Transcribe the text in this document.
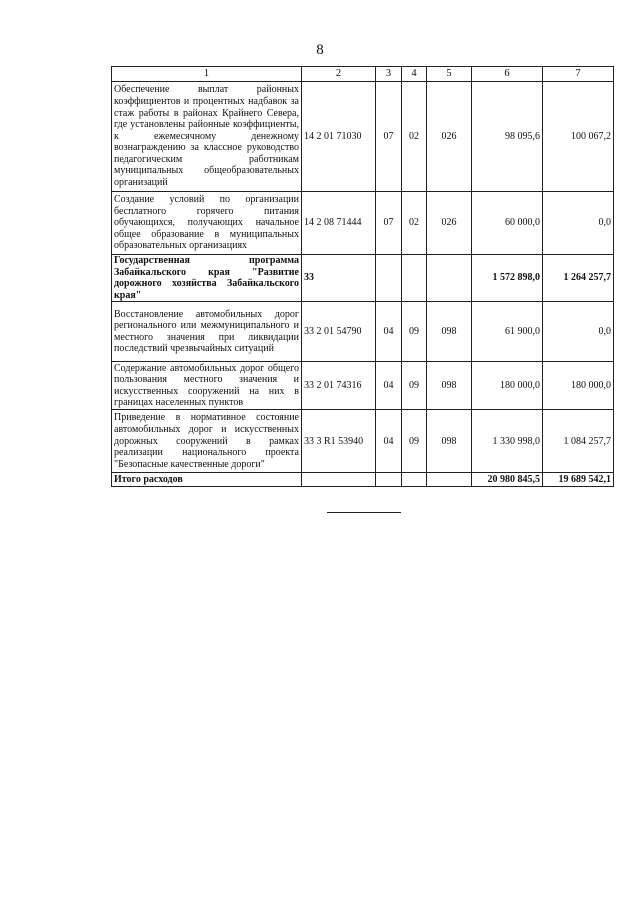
8
1	2	3	4	5	6	7
Обеспечение выплат районных коэффициентов и процентных надбавок за стаж работы в районах Крайнего Севера, где установлены районные коэффициенты, к ежемесячному денежному вознаграждению за классное руководство педагогическим работникам муниципальных общеобразовательных организаций	14 2 01 71030	07	02	026	98 095,6	100 067,2
Создание условий по организации бесплатного горячего питания обучающихся, получающих начальное общее образование в муниципальных образовательных организациях	14 2 08 71444	07	02	026	60 000,0	0,0
Государственная программа Забайкальского края "Развитие дорожного хозяйства Забайкальского края"	33				1 572 898,0	1 264 257,7
Восстановление автомобильных дорог регионального или межмуниципального и местного значения при ликвидации последствий чрезвычайных ситуаций	33 2 01 54790	04	09	098	61 900,0	0,0
Содержание автомобильных дорог общего пользования местного значения и искусственных сооружений на них в границах населенных пунктов	33 2 01 74316	04	09	098	180 000,0	180 000,0
Приведение в нормативное состояние автомобильных дорог и искусственных дорожных сооружений в рамках реализации национального проекта "Безопасные качественные дороги"	33 3 R1 53940	04	09	098	1 330 998,0	1 084 257,7
Итого расходов					20 980 845,5	19 689 542,1
